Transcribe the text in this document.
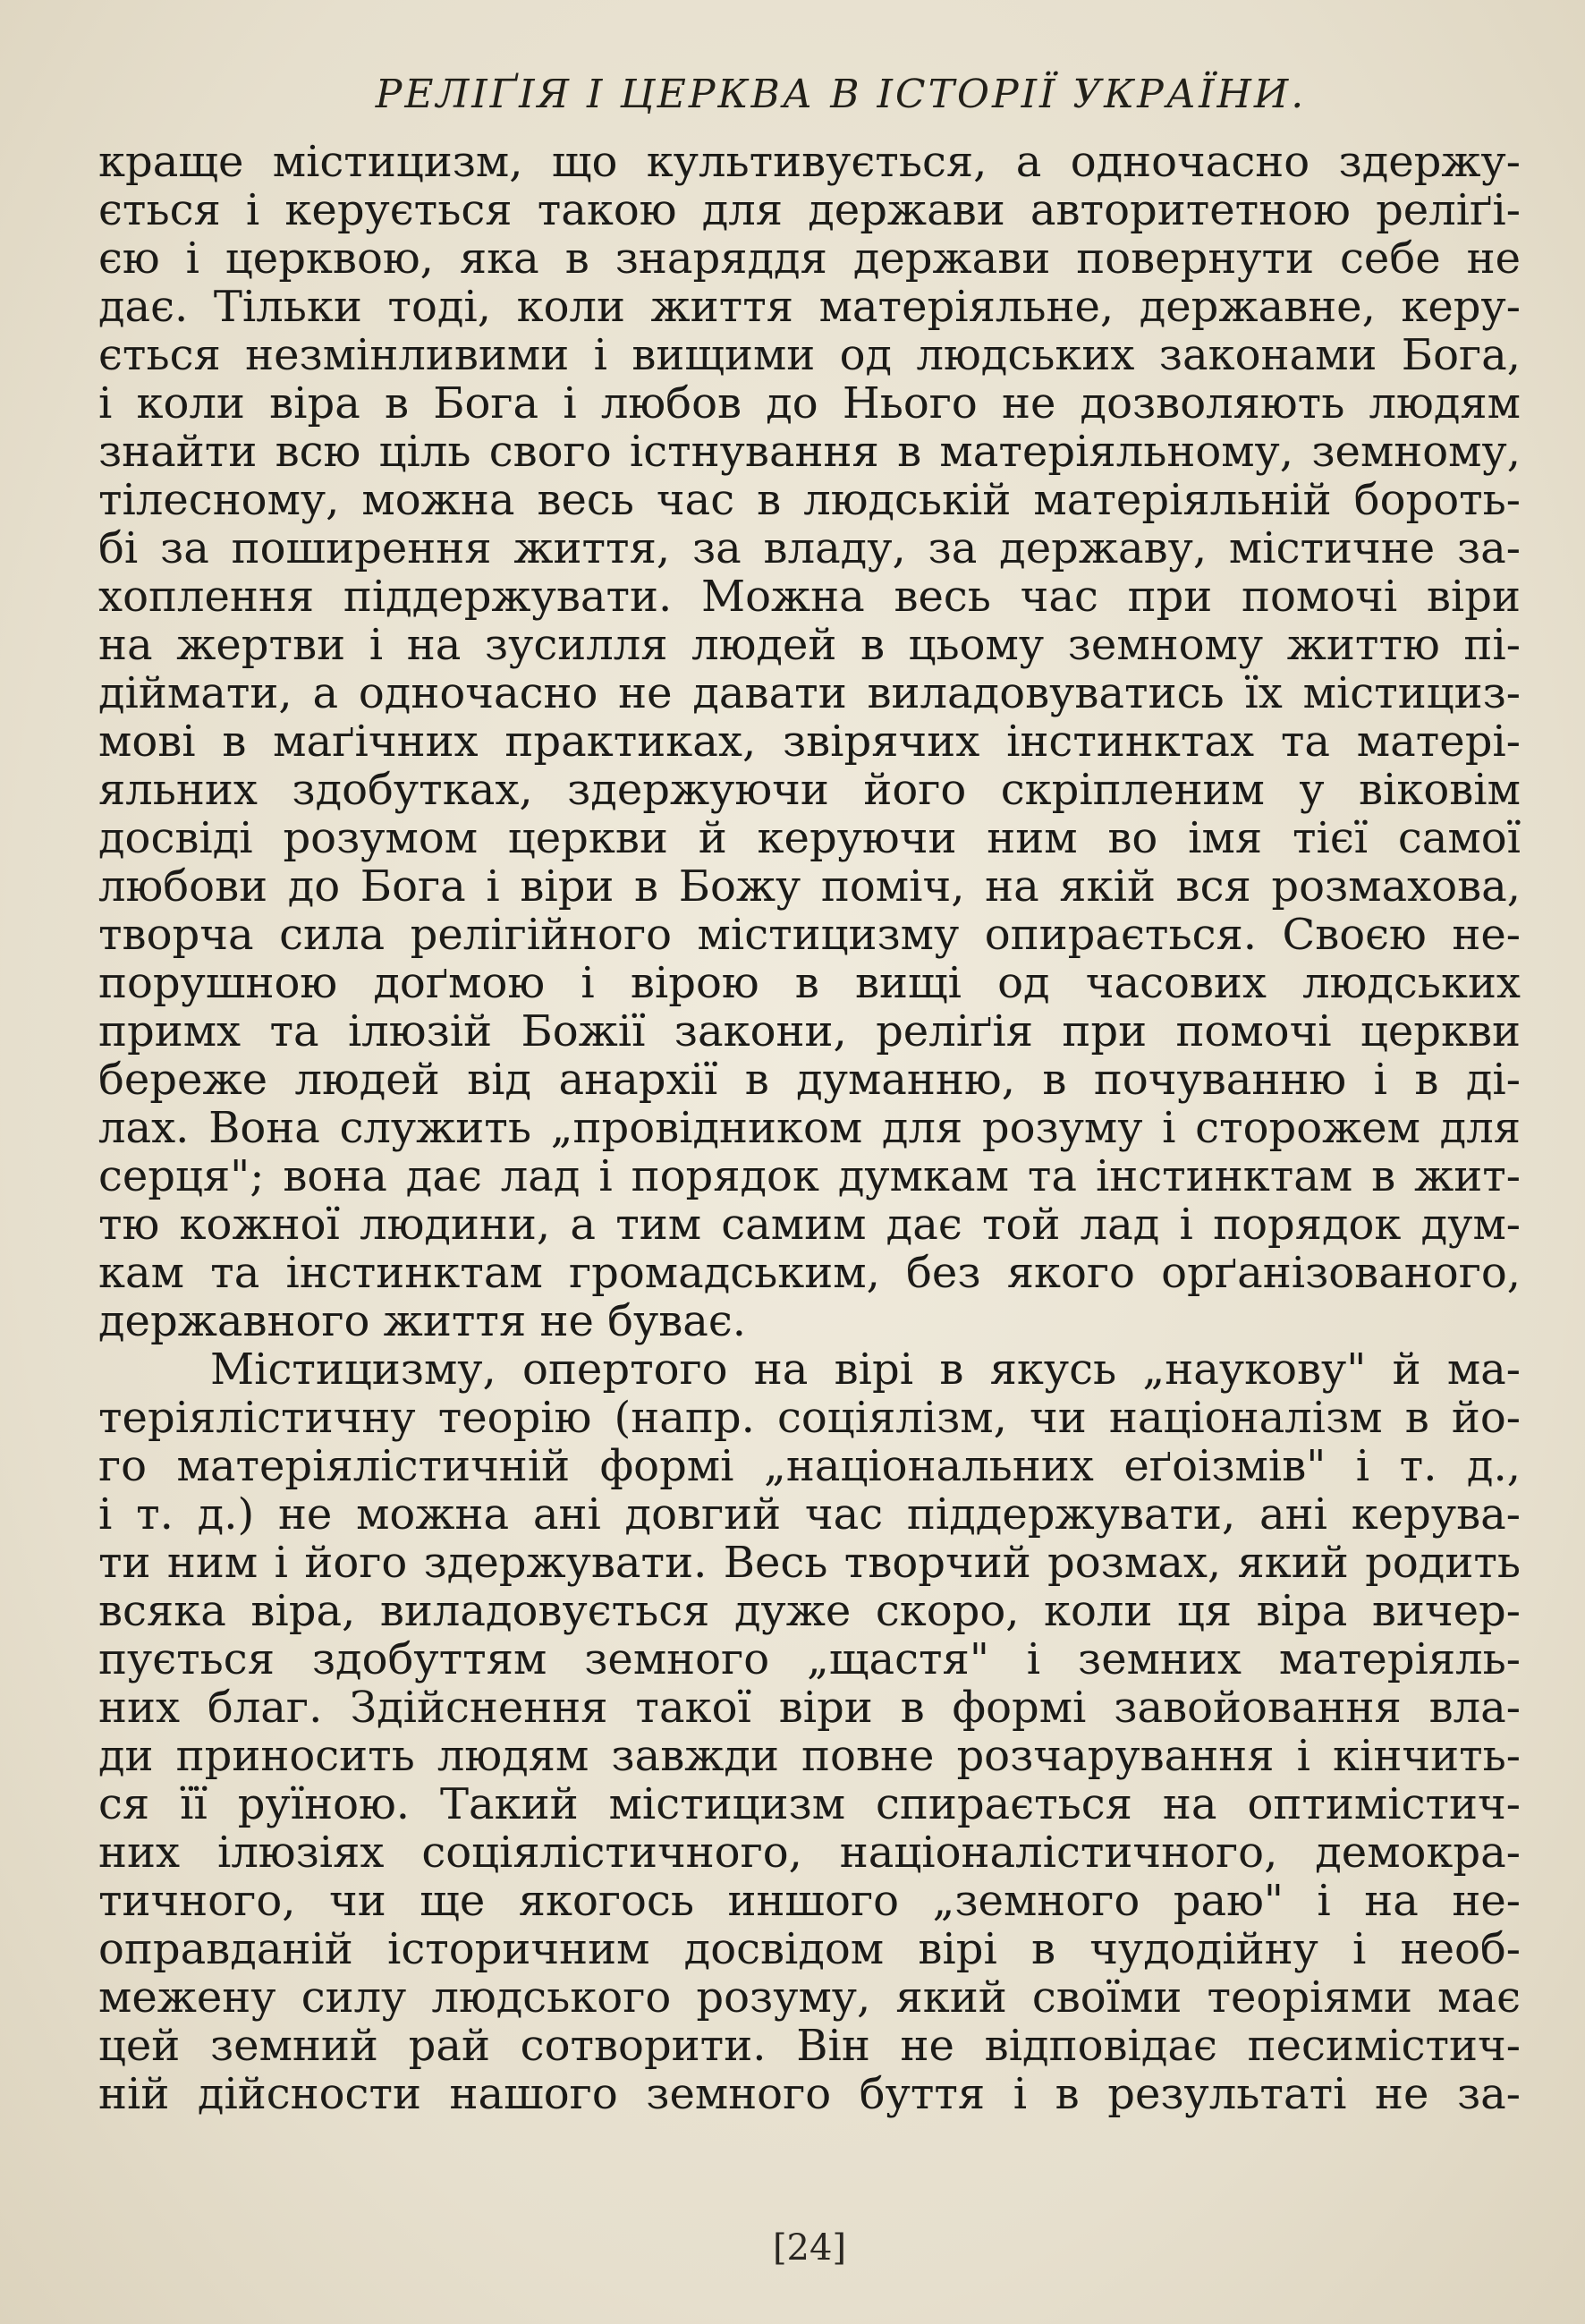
РЕЛІҐІЯ І ЦЕРКВА В ІСТОРІЇ УКРАЇНИ.
краще містицизм, що культивується, а одночасно здержу-
ється і керується такою для держави авторитетною реліґі-
єю і церквою, яка в знаряддя держави повернути себе не
дає. Тільки тоді, коли життя матеріяльне, державне, керу-
ється незмінливими і вищими од людських законами Бога,
і коли віра в Бога і любов до Нього не дозволяють людям
знайти всю ціль свого істнування в матеріяльному, земному,
тілесному, можна весь час в людській матеріяльній бороть-
бі за поширення життя, за владу, за державу, містичне за-
хоплення піддержувати. Можна весь час при помочі віри
на жертви і на зусилля людей в цьому земному життю пі-
діймати, а одночасно не давати виладовуватись їх містициз-
мові в маґічних практиках, звірячих інстинктах та матері-
яльних здобутках, здержуючи його скріпленим у віковім
досвіді розумом церкви й керуючи ним во імя тієї самої
любови до Бога і віри в Божу поміч, на якій вся розмахова,
творча сила релігійного містицизму опирається. Своєю не-
порушною доґмою і вірою в вищі од часових людських
примх та ілюзій Божії закони, реліґія при помочі церкви
береже людей від анархії в думанню, в почуванню і в ді-
лах. Вона служить „провідником для розуму і сторожем для
серця"; вона дає лад і порядок думкам та інстинктам в жит-
тю кожної людини, а тим самим дає той лад і порядок дум-
кам та інстинктам громадським, без якого орґанізованого,
державного життя не буває.
Містицизму, опертого на вірі в якусь „наукову" й ма-
теріялістичну теорію (напр. соціялізм, чи націоналізм в йо-
го матеріялістичній формі „національних еґоізмів" і т. д.,
і т. д.) не можна ані довгий час піддержувати, ані керува-
ти ним і його здержувати. Весь творчий розмах, який родить
всяка віра, виладовується дуже скоро, коли ця віра вичер-
пується здобуттям земного „щастя" і земних матеріяль-
них благ. Здійснення такої віри в формі завойовання вла-
ди приносить людям завжди повне розчарування і кінчить-
ся її руїною. Такий містицизм спирається на оптимістич-
них ілюзіях соціялістичного, націоналістичного, демокра-
тичного, чи ще якогось иншого „земного раю" і на не-
оправданій історичним досвідом вірі в чудодійну і необ-
межену силу людського розуму, який своїми теоріями має
цей земний рай сотворити. Він не відповідає песимістич-
ній дійсности нашого земного буття і в результаті не за-
[24]
